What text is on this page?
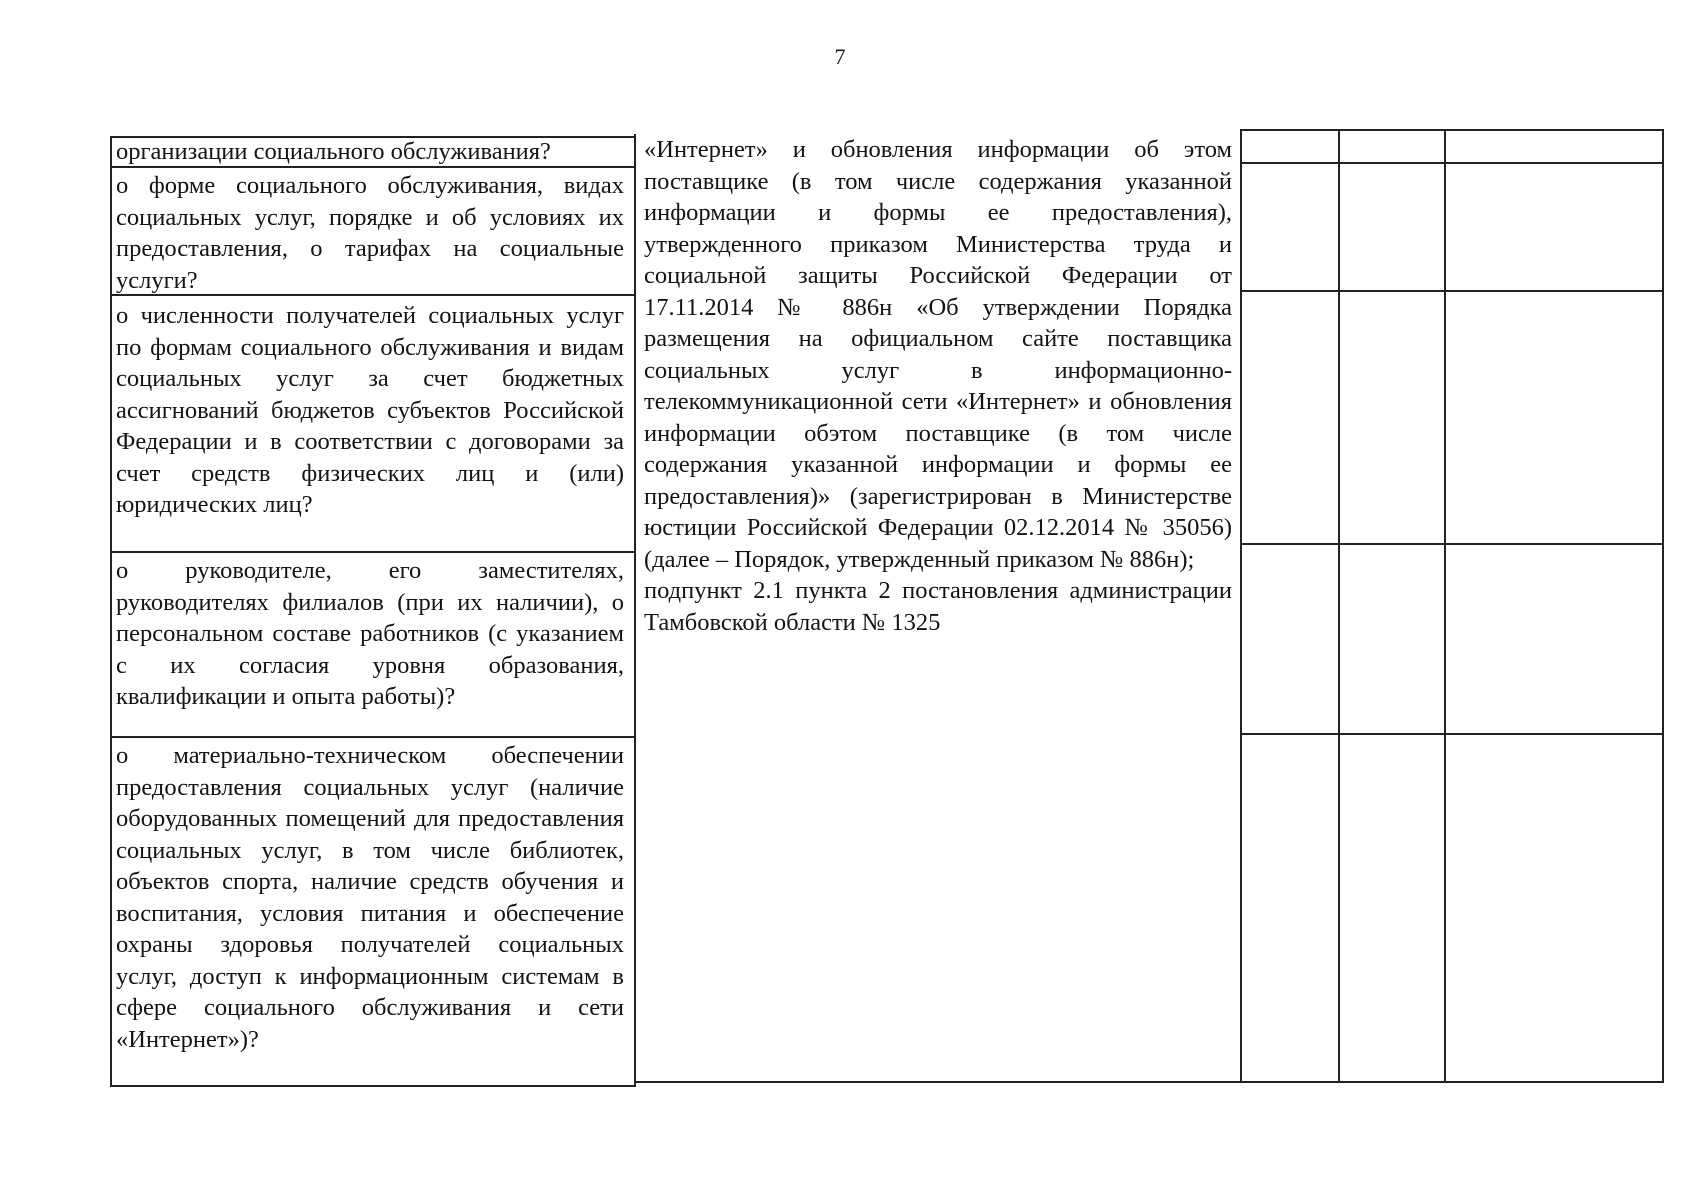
7
организации социального обслуживания?
о форме социального обслуживания, видах социальных услуг, порядке и об условиях их предоставления, о тарифах на социальные услуги?
о численности получателей социальных услуг по формам социального обслуживания и видам социальных услуг за счет бюджетных ассигнований бюджетов субъектов Российской Федерации и в соответствии с договорами за счет средств физических лиц и (или) юридических лиц?
о руководителе, его заместителях, руководителях филиалов (при их наличии), о персональном составе работников (с указанием с их согласия уровня образования, квалификации и опыта работы)?
о материально-техническом обеспечении предоставления социальных услуг (наличие оборудованных помещений для предоставления социальных услуг, в том числе библиотек, объектов спорта, наличие средств обучения и воспитания, условия питания и обеспечение охраны здоровья получателей социальных услуг, доступ к информационным системам в сфере социального обслуживания и сети «Интернет»)?

«Интернет» и обновления информации об этом поставщике (в том числе содержания указанной информации и формы ее предоставления), утвержденного приказом Министерства труда и социальной защиты Российской Федерации от 17.11.2014 № 886н «Об утверждении Порядка размещения на официальном сайте поставщика социальных услуг в информационно-телекоммуникационной сети «Интернет» и обновления информации обэтом поставщике (в том числе содержания указанной информации и формы ее предоставления)» (зарегистрирован в Министерстве юстиции Российской Федерации 02.12.2014 № 35056) (далее – Порядок, утвержденный приказом № 886н);

подпункт 2.1 пункта 2 постановления администрации Тамбовской области № 1325
